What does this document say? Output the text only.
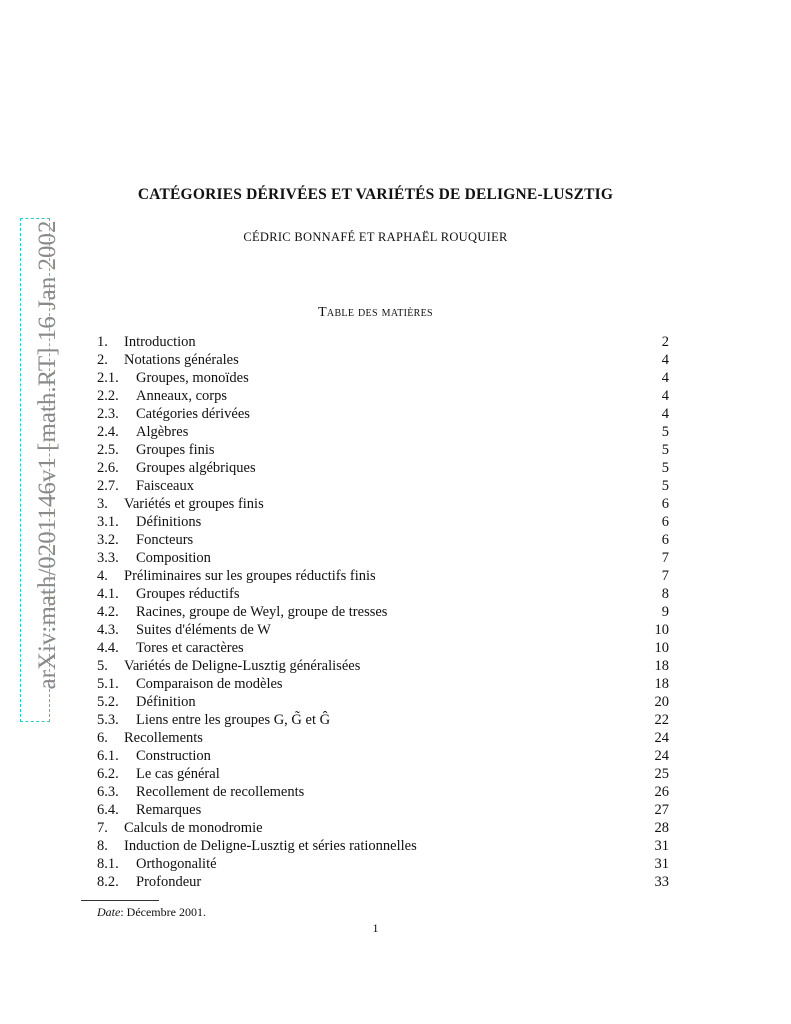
arXiv:math/0201146v1 [math.RT] 16 Jan 2002
CATÉGORIES DÉRIVÉES ET VARIÉTÉS DE DELIGNE-LUSZTIG
CÉDRIC BONNAFÉ ET RAPHAËL ROUQUIER
Table des matières
1. Introduction	2
2. Notations générales	4
2.1. Groupes, monoïdes	4
2.2. Anneaux, corps	4
2.3. Catégories dérivées	4
2.4. Algèbres	5
2.5. Groupes finis	5
2.6. Groupes algébriques	5
2.7. Faisceaux	5
3. Variétés et groupes finis	6
3.1. Définitions	6
3.2. Foncteurs	6
3.3. Composition	7
4. Préliminaires sur les groupes réductifs finis	7
4.1. Groupes réductifs	8
4.2. Racines, groupe de Weyl, groupe de tresses	9
4.3. Suites d'éléments de W	10
4.4. Tores et caractères	10
5. Variétés de Deligne-Lusztig généralisées	18
5.1. Comparaison de modèles	18
5.2. Définition	20
5.3. Liens entre les groupes G, G̃ et Ĝ	22
6. Recollements	24
6.1. Construction	24
6.2. Le cas général	25
6.3. Recollement de recollements	26
6.4. Remarques	27
7. Calculs de monodromie	28
8. Induction de Deligne-Lusztig et séries rationnelles	31
8.1. Orthogonalité	31
8.2. Profondeur	33
Date: Décembre 2001.
1
